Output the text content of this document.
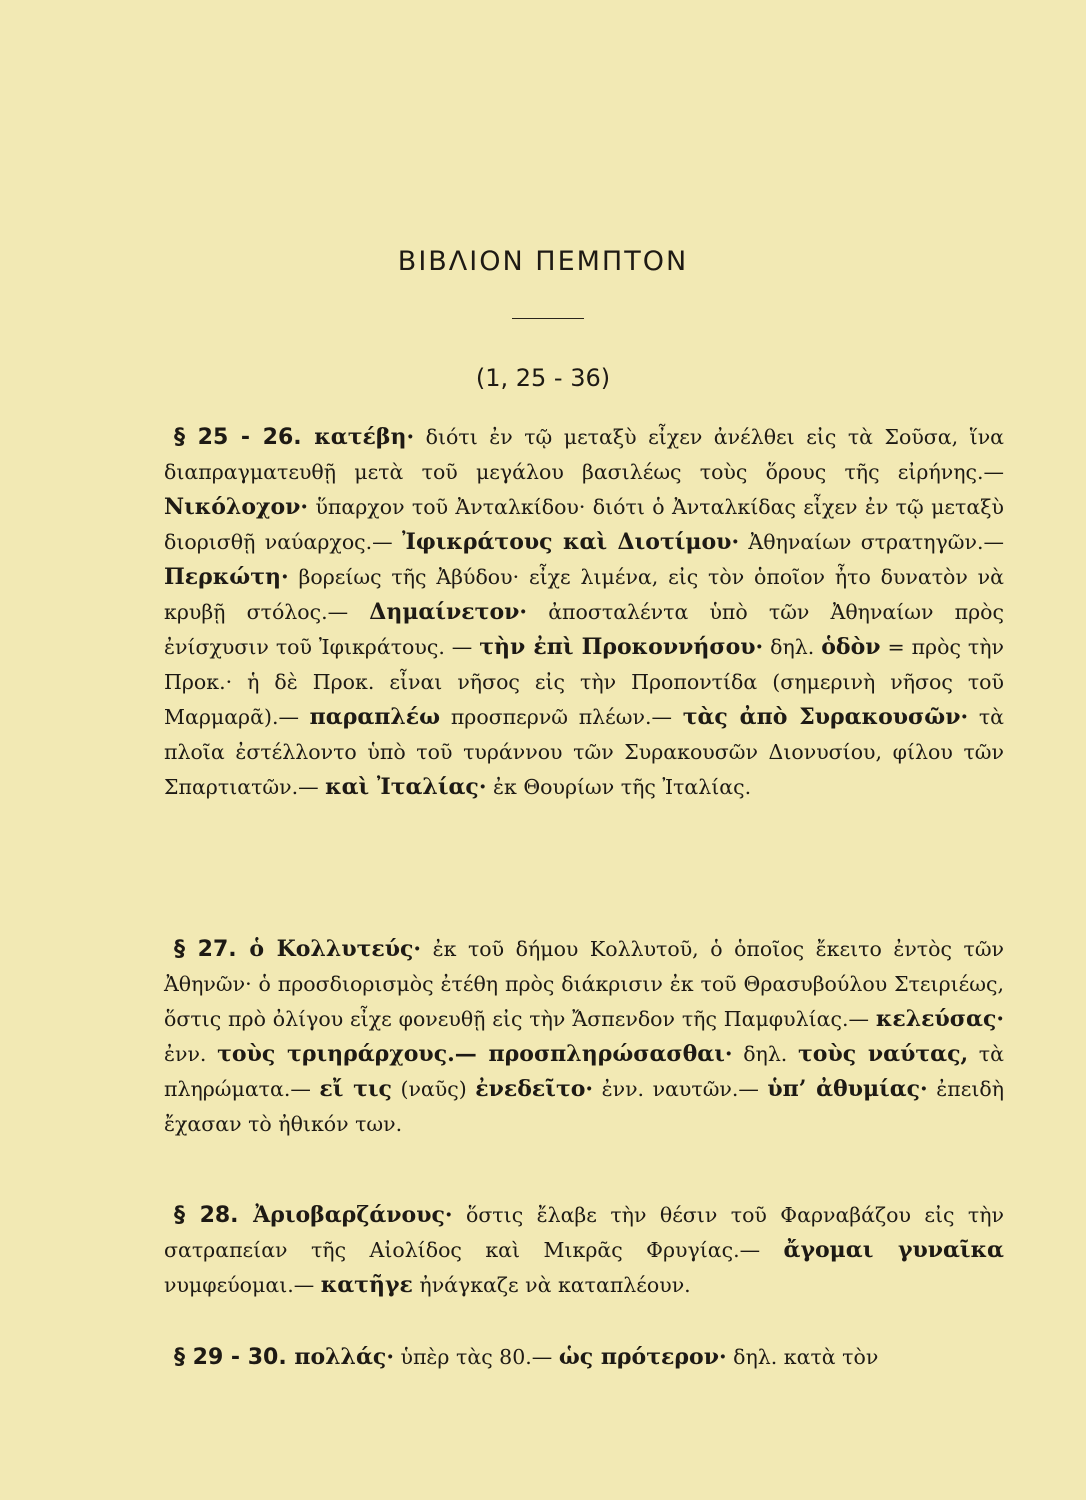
ΒΙΒΛΙΟΝ ΠΕΜΠΤΟΝ
(1, 25 - 36)

§ 25 - 26. κατέβη· διότι ἐν τῷ μεταξὺ εἶχεν ἀνέλθει εἰς τὰ Σοῦσα, ἵνα διαπραγματευθῇ μετὰ τοῦ μεγάλου βασιλέως τοὺς ὅρους τῆς εἰρήνης.— Νικόλοχον· ὕπαρχον τοῦ Ἀνταλκίδου· διότι ὁ Ἀνταλκίδας εἶχεν ἐν τῷ μεταξὺ διορισθῇ ναύαρχος.— Ἰφικράτους καὶ Διοτίμου· Ἀθηναίων στρατηγῶν.— Περκώτη· βορείως τῆς Ἀβύδου· εἶχε λιμένα, εἰς τὸν ὁποῖον ἦτο δυνατὸν νὰ κρυβῇ στόλος.— Δημαίνετον· ἀποσταλέντα ὑπὸ τῶν Ἀθηναίων πρὸς ἐνίσχυσιν τοῦ Ἰφικράτους. — τὴν ἐπὶ Προκοννήσου· δηλ. ὁδὸν = πρὸς τὴν Προκ.· ἡ δὲ Προκ. εἶναι νῆσος εἰς τὴν Προποντίδα (σημερινὴ νῆσος τοῦ Μαρμαρᾶ).— παραπλέω προσπερνῶ πλέων.— τὰς ἀπὸ Συρακουσῶν· τὰ πλοῖα ἐστέλλοντο ὑπὸ τοῦ τυράννου τῶν Συρακουσῶν Διονυσίου, φίλου τῶν Σπαρτιατῶν.— καὶ Ἰταλίας· ἐκ Θουρίων τῆς Ἰταλίας.

§ 27. ὁ Κολλυτεύς· ἐκ τοῦ δήμου Κολλυτοῦ, ὁ ὁποῖος ἔκειτο ἐντὸς τῶν Ἀθηνῶν· ὁ προσδιορισμὸς ἐτέθη πρὸς διάκρισιν ἐκ τοῦ Θρασυβούλου Στειριέως, ὅστις πρὸ ὀλίγου εἶχε φονευθῇ εἰς τὴν Ἄσπενδον τῆς Παμφυλίας.— κελεύσας· ἐνν. τοὺς τριηράρχους.— προσπληρώσασθαι· δηλ. τοὺς ναύτας, τὰ πληρώματα.— εἴ τις (ναῦς) ἐνεδεῖτο· ἐνν. ναυτῶν.— ὑπ’ ἀθυμίας· ἐπειδὴ ἔχασαν τὸ ἠθικόν των.

§ 28. Ἀριοβαρζάνους· ὅστις ἔλαβε τὴν θέσιν τοῦ Φαρναβάζου εἰς τὴν σατραπείαν τῆς Αἰολίδος καὶ Μικρᾶς Φρυγίας.— ἄγομαι γυναῖκα νυμφεύομαι.— κατῆγε ἠνάγκαζε νὰ καταπλέουν.

§ 29 - 30. πολλάς· ὑπὲρ τὰς 80.— ὡς πρότερον· δηλ. κατὰ τὸν
